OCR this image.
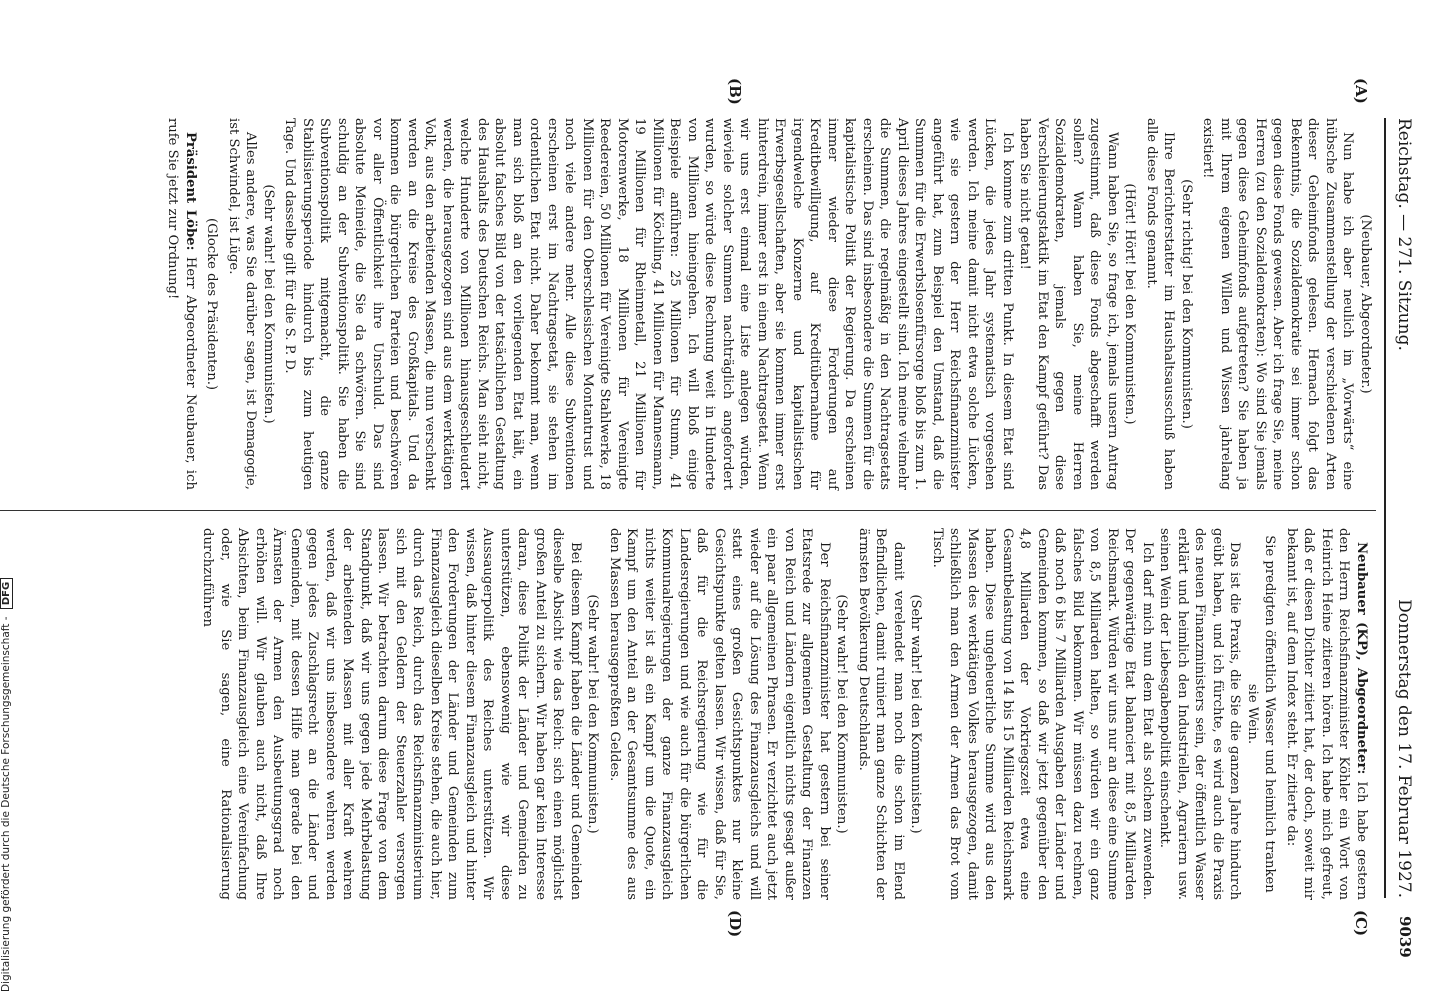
Reichstag. — 271. Sitzung.
Donnerstag den 17. Februar 1927.
9039
(A)
(B)
(C)
(D)

(Neubauer, Abgeordneter.)

Nun habe ich aber neulich im „Vorwärts“ eine hübsche Zusammenstellung der verschiedenen Arten dieser Geheimfonds gelesen. Hernach folgt das Bekenntnis, die Sozialdemokratie sei immer schon gegen diese Fonds gewesen. Aber ich frage Sie, meine Herren (zu den Sozialdemokraten): Wo sind Sie jemals gegen diese Geheimfonds aufgetreten? Sie haben ja mit Ihrem eigenen Willen und Wissen jahrelang existiert!

(Sehr richtig! bei den Kommunisten.)

Ihre Berichterstatter im Haushaltsausschuß haben alle diese Fonds genannt.

(Hört! Hört! bei den Kommunisten.)

Wann haben Sie, so frage ich, jemals unsern Antrag zugestimmt, daß diese Fonds abgeschafft werden sollen? Wann haben Sie, meine Herren Sozialdemokraten, jemals gegen diese Verschleierungstaktik im Etat den Kampf geführt? Das haben Sie nicht getan!

Ich komme zum dritten Punkt. In diesem Etat sind Lücken, die jedes Jahr systematisch vorgesehen werden. Ich meine damit nicht etwa solche Lücken, wie sie gestern der Herr Reichsfinanzminister angeführt hat, zum Beispiel den Umstand, daß die Summen für die Erwerbslosenfürsorge bloß bis zum 1. April dieses Jahres eingestellt sind. Ich meine vielmehr die Summen, die regelmäßig in den Nachtragsetats erscheinen. Das sind insbesondere die Summen für die kapitalistische Politik der Regierung. Da erscheinen immer wieder diese Forderungen auf Kreditbewilligung, auf Kreditübernahme für irgendwelche Konzerne und kapitalistischen Erwerbsgesellschaften, aber sie kommen immer erst hinterdrein, immer erst in einem Nachtragsetat. Wenn wir uns erst einmal eine Liste anlegen würden, wieviele solcher Summen nachträglich angefordert wurden, so würde diese Rechnung weit in Hunderte von Millionen hineingehen. Ich will bloß einige Beispiele anführen: 25 Millionen für Stumm, 41 Millionen für Köchling, 41 Millionen für Mannesmann, 19 Millionen für Rheinmetall, 21 Millionen für Motorenwerke, 18 Millionen für Vereinigte Reedereien, 50 Millionen für Vereinigte Stahlwerke, 18 Millionen für den Oberschlesischen Montantrust und noch viele andere mehr. Alle diese Subventionen erscheinen erst im Nachtragsetat, sie stehen im ordentlichen Etat nicht. Daher bekommt man, wenn man sich bloß an den vorliegenden Etat hält, ein absolut falsches Bild von der tatsächlichen Gestaltung des Haushalts des Deutschen Reichs. Man sieht nicht, welche Hunderte von Millionen hinausgeschleudert werden, die herausgezogen sind aus dem werktätigen Volk, aus den arbeitenden Massen, die nun verschenkt werden an die Kreise des Großkapitals. Und da kommen die bürgerlichen Parteien und beschwören vor aller Öffentlichkeit ihre Unschuld. Das sind absolute Meineide, die Sie da schwören. Sie sind schuldig an der Subventionspolitik. Sie haben die Subventionspolitik mitgemacht, die ganze Stabilisierungsperiode hindurch bis zum heutigen Tage. Und dasselbe gilt für die S. P. D.

(Sehr wahr! bei den Kommunisten.)

Alles andere, was Sie darüber sagen, ist Demagogie, ist Schwindel, ist Lüge.

(Glocke des Präsidenten.)

Präsident Löbe: Herr Abgeordneter Neubauer, ich rufe Sie jetzt zur Ordnung!

Neubauer (KP), Abgeordneter: Ich habe gestern den Herrn Reichsfinanzminister Köhler ein Wort von Heinrich Heine zitieren hören. Ich habe mich gefreut, daß er diesen Dichter zitiert hat, der doch, soweit mir bekannt ist, auf dem Index steht. Er zitierte da:

Sie predigten öffentlich Wasser und heimlich tranken sie Wein.

Das ist die Praxis, die Sie die ganzen Jahre hindurch geübt haben, und ich fürchte, es wird auch die Praxis des neuen Finanzministers sein, der öffentlich Wasser erklärt und heimlich den Industriellen, Agrariern usw. seinen Wein der Liebesgabenpolitik einschenkt.

Ich darf mich nun dem Etat als solchem zuwenden. Der gegenwärtige Etat balanciert mit 8,5 Milliarden Reichsmark. Würden wir uns nur an diese eine Summe von 8,5 Milliarden halten, so würden wir ein ganz falsches Bild bekommen. Wir müssen dazu rechnen, daß noch 6 bis 7 Milliarden Ausgaben der Länder und Gemeinden kommen, so daß wir jetzt gegenüber den 4,8 Milliarden der Vorkriegszeit etwa eine Gesamtbelastung von 14 bis 15 Milliarden Reichsmark haben. Diese ungeheuerliche Summe wird aus den Massen des werktätigen Volkes herausgezogen, damit schließlich man den Armen der Armen das Brot vom Tisch.

(Sehr wahr! bei den Kommunisten.)

damit verelendet man noch die schon im Elend Befindlichen, damit ruiniert man ganze Schichten der ärmsten Bevölkerung Deutschlands.

(Sehr wahr! bei den Kommunisten.)

Der Reichsfinanzminister hat gestern bei seiner Etatsrede zur allgemeinen Gestaltung der Finanzen von Reich und Ländern eigentlich nichts gesagt außer ein paar allgemeinen Phrasen. Er verzichtet auch jetzt wieder auf die Lösung des Finanzausgleichs und will statt eines großen Gesichtspunktes nur kleine Gesichtspunkte gelten lassen. Wir wissen, daß für Sie, daß für die Reichsregierung wie für die Landesregierungen und wie auch für die bürgerlichen Kommunalregierungen der ganze Finanzausgleich nichts weiter ist als ein Kampf um die Quote, ein Kampf um den Anteil an der Gesamtsumme des aus den Massen herausgepreßten Geldes.

(Sehr wahr! bei den Kommunisten.)

Bei diesem Kampf haben die Länder und Gemeinden dieselbe Absicht wie das Reich: sich einen möglichst großen Anteil zu sichern. Wir haben gar kein Interesse daran, diese Politik der Länder und Gemeinden zu unterstützen, ebensowenig wie wir diese Aussaugerpolitik des Reiches unterstützen. Wir wissen, daß hinter diesem Finanzausgleich und hinter den Forderungen der Länder und Gemeinden zum Finanzausgleich dieselben Kreise stehen, die auch hier, durch das Reich, durch das Reichsfinanzministerium sich mit den Geldern der Steuerzahler versorgen lassen. Wir betrachten darum diese Frage von dem Standpunkt, daß wir uns gegen jede Mehrbelastung der arbeitenden Massen mit aller Kraft wehren werden, daß wir uns insbesondere wehren werden gegen jedes Zuschlagsrecht an die Länder und Gemeinden, mit dessen Hilfe man gerade bei den Ärmsten der Armen den Ausbeutungsgrad noch erhöhen will. Wir glauben auch nicht, daß Ihre Absichten, beim Finanzausgleich eine Vereinfachung oder, wie Sie sagen, eine Rationalisierung durchzuführen

Digitalisierung gefördert durch die Deutsche Forschungsgemeinschaft - DFG
